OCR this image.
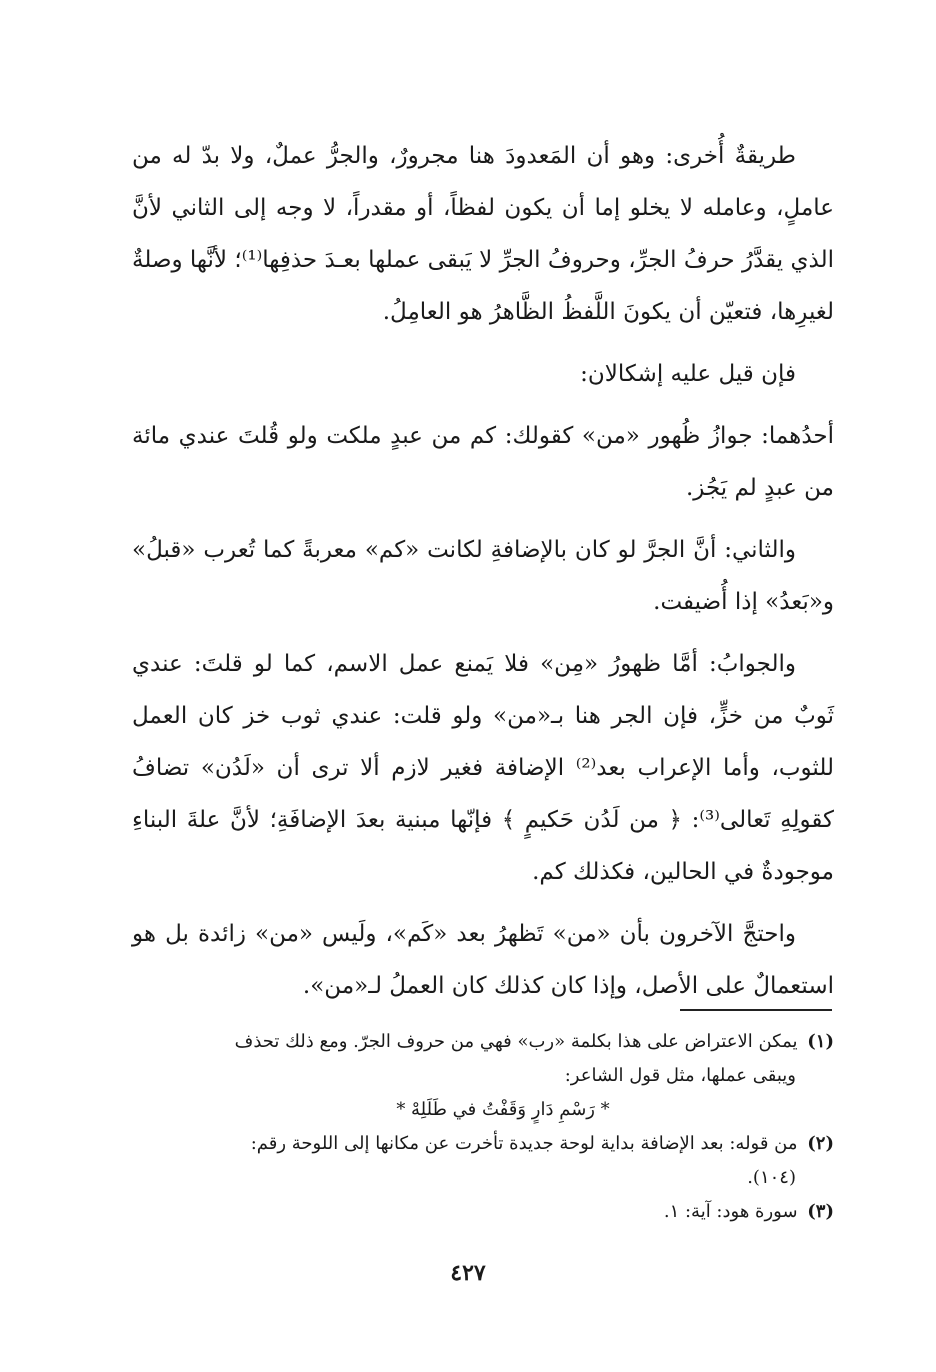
طريقةٌ أُخرى: وهو أن المَعدودَ هنا مجرورٌ، والجرُّ عملٌ، ولا بدّ له من عاملٍ، وعامله لا يخلو إما أن يكون لفظاً، أو مقدراً، لا وجه إلى الثاني لأنَّ الذي يقدَّرُ حرفُ الجرِّ، وحروفُ الجرِّ لا يَبقى عملها بعـدَ حذفِها⁽¹⁾؛ لأنَّها وصلةٌ لغيرِها، فتعيّن أن يكونَ اللَّفظُ الظَّاهرُ هو العامِلُ.

فإن قيل عليه إشكالان:

أحدُهما: جوازُ ظُهور «من» كقولك: كم من عبدٍ ملكت ولو قُلتَ عندي مائة من عبدٍ لم يَجُز.

والثاني: أنَّ الجرَّ لو كان بالإضافةِ لكانت «كم» معربةً كما تُعرب «قبلُ» و«بَعدُ» إذا أُضيفت.

والجوابُ: أمَّا ظهورُ «مِن» فلا يَمنع عمل الاسم، كما لو قلتَ: عندي ثَوبٌ من خزٍّ، فإن الجر هنا بـ«من» ولو قلت: عندي ثوب خز كان العمل للثوب، وأما الإعراب بعد⁽²⁾ الإضافة فغير لازم ألا ترى أن «لَدُن» تضافُ كقولِهِ تَعالى⁽³⁾: ﴿ من لَدُن حَكيمٍ ﴾ فإنّها مبنية بعدَ الإضافَةِ؛ لأنَّ علةَ البناءِ موجودةٌ في الحالين، فكذلك كم.

واحتجَّ الآخرون بأن «من» تَظهرُ بعد «كَم»، ولَيس «من» زائدة بل هو استعمالٌ على الأصل، وإذا كان كذلك كان العملُ لـ«من».

(١) يمكن الاعتراض على هذا بكلمة «رب» فهي من حروف الجرّ. ومع ذلك تحذف

ويبقى عملها، مثل قول الشاعر:

* رَسْمِ دَارٍ وَقَفْتُ في طَلَلِهْ *

(٢) من قوله: بعد الإضافة بداية لوحة جديدة تأخرت عن مكانها إلى اللوحة رقم:

(١٠٤).

(٣) سورة هود: آية: ١.

٤٢٧
